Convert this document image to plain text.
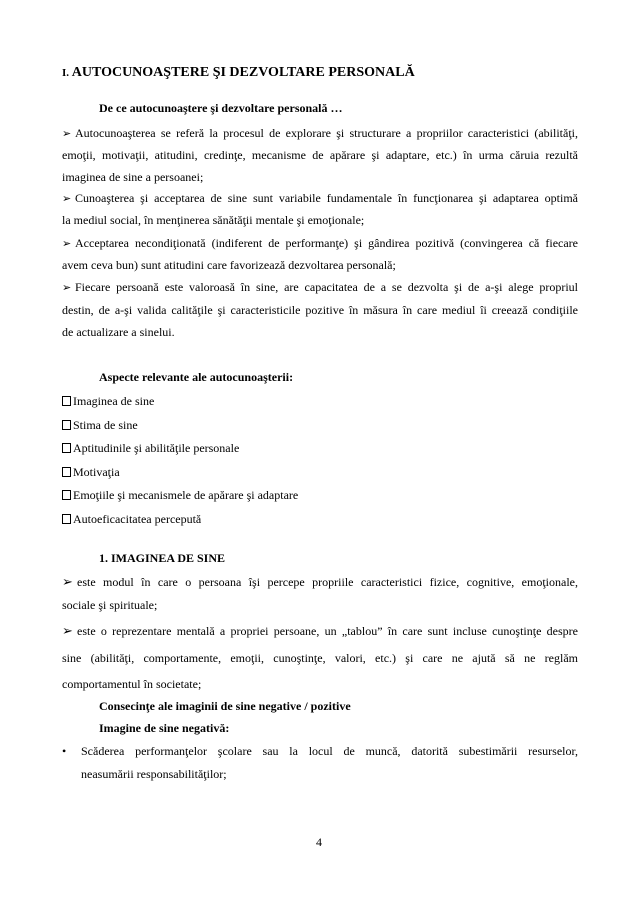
I. AUTOCUNOAŞTERE ŞI DEZVOLTARE PERSONALĂ
De ce autocunoaştere şi dezvoltare personală …
➢ Autocunoaşterea se referă la procesul de explorare şi structurare a propriilor caracteristici (abilităţi,
emoţii, motivaţii, atitudini, credinţe, mecanisme de apărare şi adaptare, etc.) în urma căruia rezultă
imaginea de sine a persoanei;
➢ Cunoaşterea şi acceptarea de sine sunt variabile fundamentale în funcţionarea şi adaptarea optimă
la mediul social, în menţinerea sănătăţii mentale şi emoţionale;
➢ Acceptarea necondiţionată (indiferent de performanţe) şi gândirea pozitivă (convingerea că fiecare
avem ceva bun) sunt atitudini care favorizează dezvoltarea personală;
➢ Fiecare persoană este valoroasă în sine, are capacitatea de a se dezvolta şi de a-şi alege propriul
destin, de a-şi valida calităţile şi caracteristicile pozitive în măsura în care mediul îi creează condiţiile
de actualizare a sinelui.
Aspecte relevante ale autocunoaşterii:
Imaginea de sine
Stima de sine
Aptitudinile şi abilităţile personale
Motivaţia
Emoţiile şi mecanismele de apărare şi adaptare
Autoeficacitatea percepută
1. IMAGINEA DE SINE
➢ este modul în care o persoana îşi percepe propriile caracteristici fizice, cognitive, emoţionale,
sociale şi spirituale;
➢ este o reprezentare mentală a propriei persoane, un „tablou” în care sunt incluse cunoştinţe despre
sine (abilităţi, comportamente, emoţii, cunoştinţe, valori, etc.) şi care ne ajută să ne reglăm
comportamentul în societate;
Consecinţe ale imaginii de sine negative / pozitive
Imagine de sine negativă:
• Scăderea performanţelor şcolare sau la locul de muncă, datorită subestimării resurselor,
neasumării responsabilităţilor;
4
